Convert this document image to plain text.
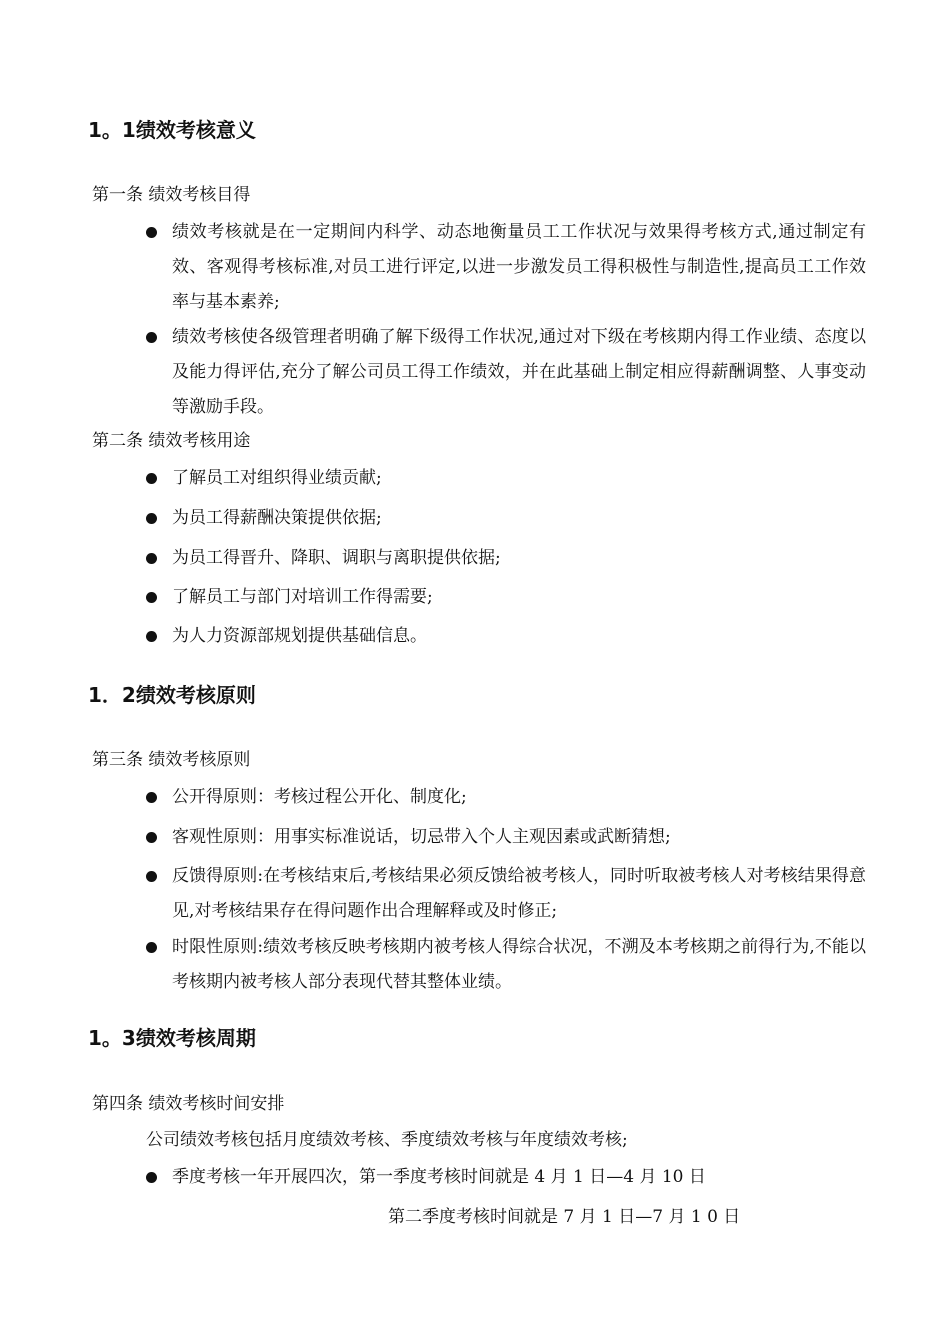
1。1绩效考核意义
第一条 绩效考核目得
绩效考核就是在一定期间内科学、动态地衡量员工工作状况与效果得考核方式,通过制定有效、客观得考核标准,对员工进行评定,以进一步激发员工得积极性与制造性,提高员工工作效率与基本素养;
绩效考核使各级管理者明确了解下级得工作状况,通过对下级在考核期内得工作业绩、态度以及能力得评估,充分了解公司员工得工作绩效，并在此基础上制定相应得薪酬调整、人事变动等激励手段。
第二条 绩效考核用途
了解员工对组织得业绩贡献;
为员工得薪酬决策提供依据;
为员工得晋升、降职、调职与离职提供依据;
了解员工与部门对培训工作得需要;
为人力资源部规划提供基础信息。
1．2绩效考核原则
第三条 绩效考核原则
公开得原则：考核过程公开化、制度化;
客观性原则：用事实标准说话，切忌带入个人主观因素或武断猜想;
反馈得原则:在考核结束后,考核结果必须反馈给被考核人，同时听取被考核人对考核结果得意见,对考核结果存在得问题作出合理解释或及时修正;
时限性原则:绩效考核反映考核期内被考核人得综合状况，不溯及本考核期之前得行为,不能以考核期内被考核人部分表现代替其整体业绩。
1。3绩效考核周期
第四条 绩效考核时间安排
公司绩效考核包括月度绩效考核、季度绩效考核与年度绩效考核;
季度考核一年开展四次，第一季度考核时间就是 4 月 1 日—4 月 10 日
第二季度考核时间就是 7 月 1 日—7 月 1 0 日
